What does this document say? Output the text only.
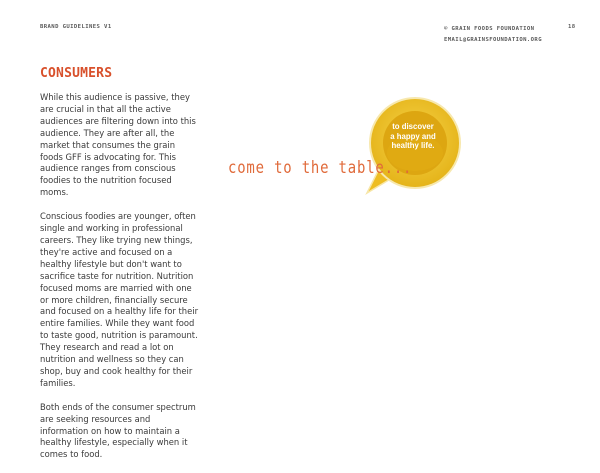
BRAND GUIDELINES V1	© GRAIN FOODS FOUNDATION
EMAIL@GRAINSFOUNDATION.ORG
18
CONSUMERS

While this audience is passive, they are crucial in that all the active audiences are filtering down into this audience. They are after all, the market that consumes the grain foods GFF is advocating for. This audience ranges from conscious foodies to the nutrition focused moms.

Conscious foodies are younger, often single and working in professional careers. They like trying new things, they're active and focused on a healthy lifestyle but don't want to sacrifice taste for nutrition. Nutrition focused moms are married with one or more children, financially secure and focused on a healthy life for their entire families. While they want food to taste good, nutrition is paramount. They research and read a lot on nutrition and wellness so they can shop, buy and cook healthy for their families.

Both ends of the consumer spectrum are seeking resources and information on how to maintain a healthy lifestyle, especially when it comes to food.

to discover
a happy and
healthy life.
come to the table...
